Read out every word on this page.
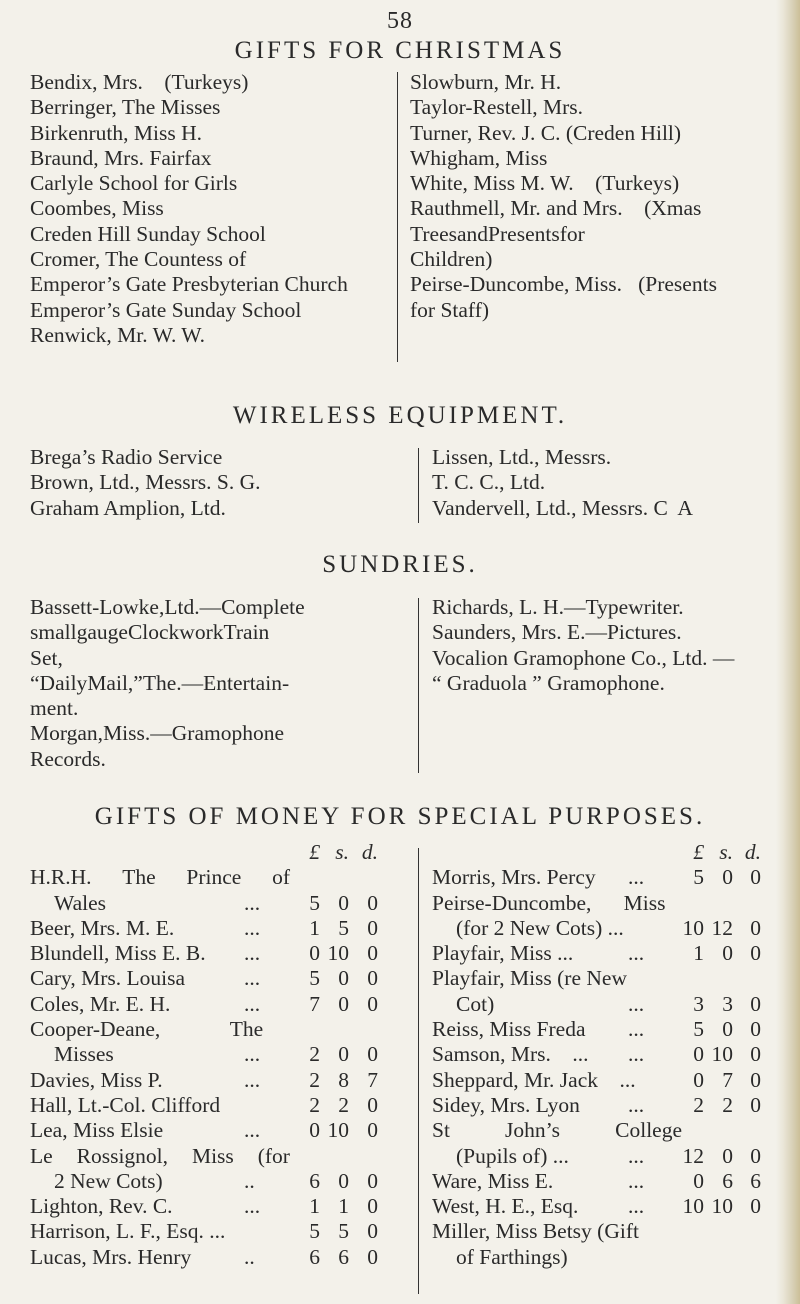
58
GIFTS FOR CHRISTMAS
Bendix, Mrs.    (Turkeys)
Berringer, The Misses
Birkenruth, Miss H.
Braund, Mrs. Fairfax
Carlyle School for Girls
Coombes, Miss
Creden Hill Sunday School
Cromer, The Countess of
Emperor’s Gate Presbyterian Church
Emperor’s Gate Sunday School
Renwick, Mr. W. W.
Slowburn, Mr. H.
Taylor-Restell, Mrs.
Turner, Rev. J. C. (Creden Hill)
Whigham, Miss
White, Miss M. W.    (Turkeys)
Rauthmell, Mr. and Mrs.    (Xmas
TreesandPresentsfor
Children)
Peirse-Duncombe, Miss.   (Presents
for Staff)
WIRELESS EQUIPMENT.
Brega’s Radio Service
Brown, Ltd., Messrs. S. G.
Graham Amplion, Ltd.
Lissen, Ltd., Messrs.
T. C. C., Ltd.
Vandervell, Ltd., Messrs. C  A
SUNDRIES.
Bassett-Lowke,Ltd.—Complete
smallgaugeClockworkTrain
Set,
“DailyMail,”The.—Entertain-
ment.
Morgan,Miss.—Gramophone
Records.
Richards, L. H.—Typewriter.
Saunders, Mrs. E.—Pictures.
Vocalion Gramophone Co., Ltd. —
“ Graduola ” Gramophone.
GIFTS OF MONEY FOR SPECIAL PURPOSES.
£ s. d.
H.R.H. The Prince of
Wales	...	5 0 0
Beer, Mrs. M. E.	...	1 5 0
Blundell, Miss E. B. ...	0 10 0
Cary, Mrs. Louisa	...	5 0 0
Coles, Mr. E. H.	...	7 0 0
Cooper-Deane,             The
Misses	...	2 0 0
Davies, Miss P.	...	2 8 7
Hall, Lt.-Col. Clifford	2 2 0
Lea, Miss Elsie	...	0 10 0
Le Rossignol, Miss (for
2 New Cots)	..	6 0 0
Lighton, Rev. C.	...	1 1 0
Harrison, L. F., Esq. ...	5 5 0
Lucas, Mrs. Henry ..	6 6 0
£ s. d.
Morris, Mrs. Percy ...	5 0 0
Peirse-Duncombe,      Miss
(for 2 New Cots) ...	10 12 0
Playfair, Miss ...	...	1 0 0
Playfair, Miss (re New
Cot)	...	3 3 0
Reiss, Miss Freda ...	5 0 0
Samson, Mrs.    ... ...	0 10 0
Sheppard, Mr. Jack    ...	0 7 0
Sidey, Mrs. Lyon ...	2 2 0
St	John’s	College
(Pupils of) ...	... 12 0 0
Ware, Miss E.	...	0 6 6
West, H. E., Esq. ... 10 10 0
Miller, Miss Betsy (Gift
of Farthings)
